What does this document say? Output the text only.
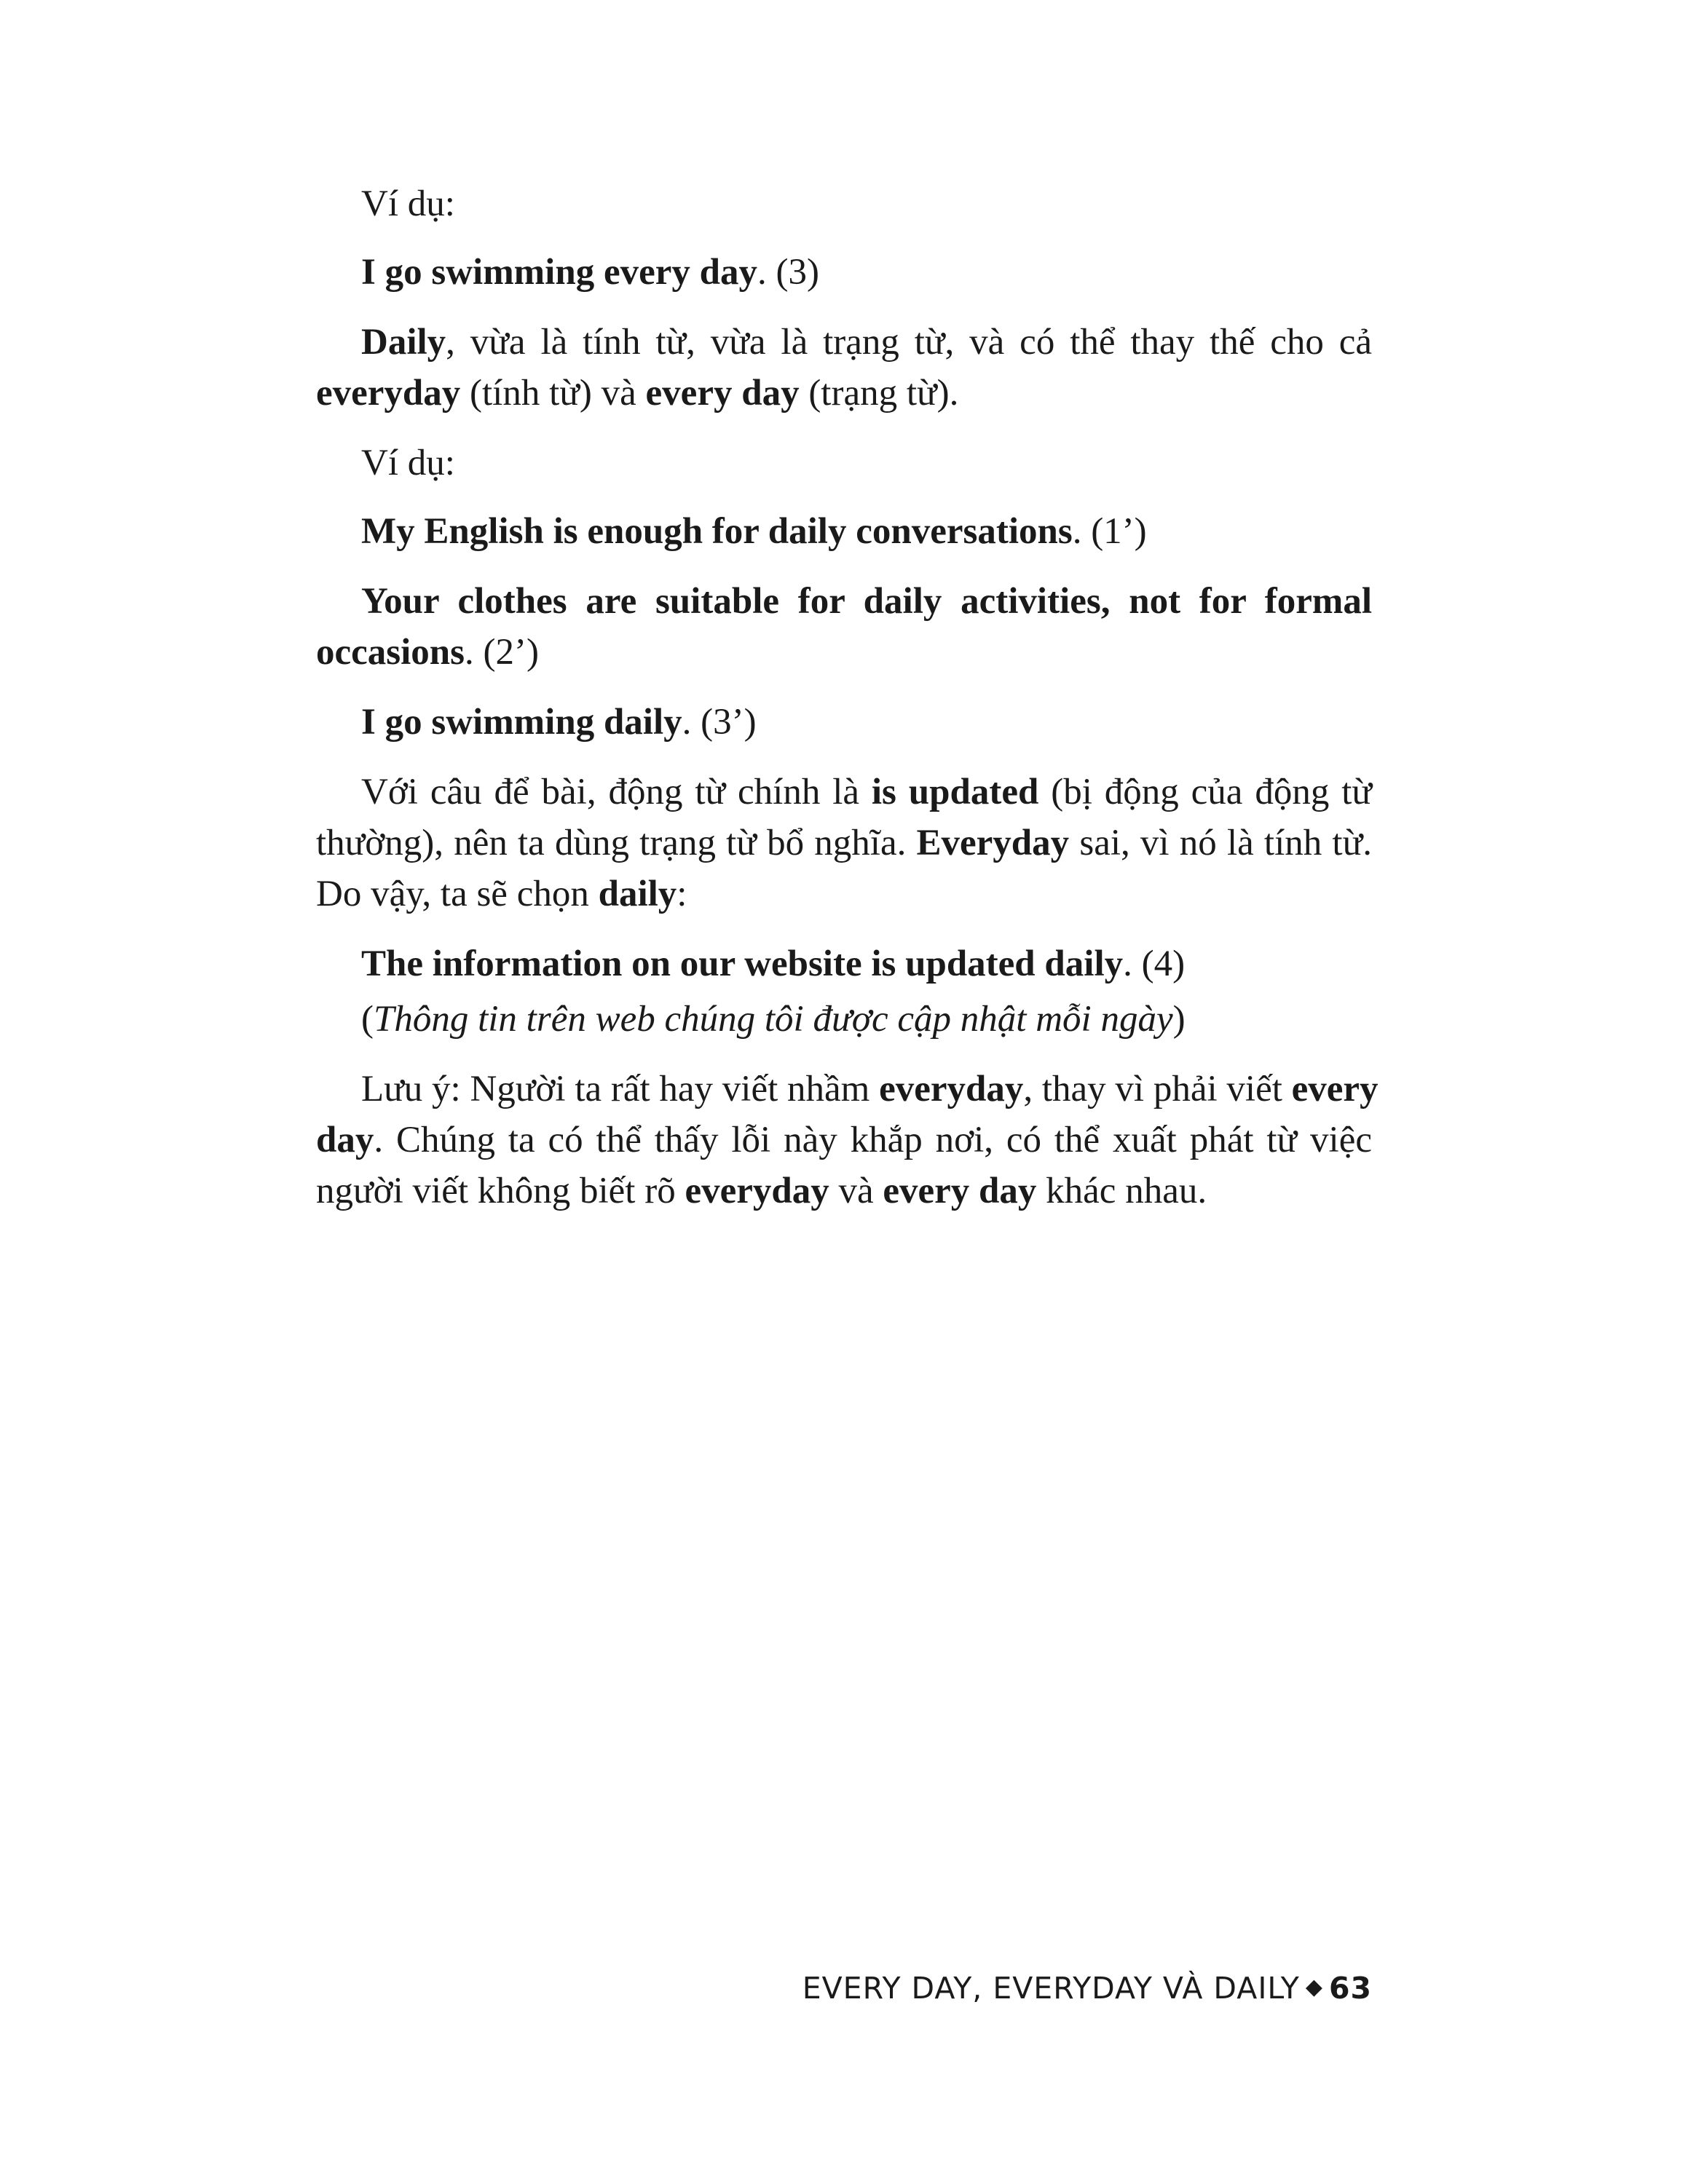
Ví dụ:
I go swimming every day. (3)
Daily, vừa là tính từ, vừa là trạng từ, và có thể thay thế cho cả
everyday (tính từ) và every day (trạng từ).
Ví dụ:
My English is enough for daily conversations. (1’)
Your clothes are suitable for daily activities, not for formal
occasions. (2’)
I go swimming daily. (3’)
Với câu để bài, động từ chính là is updated (bị động của động từ
thường), nên ta dùng trạng từ bổ nghĩa. Everyday sai, vì nó là tính từ.
Do vậy, ta sẽ chọn daily:
The information on our website is updated daily. (4)
(Thông tin trên web chúng tôi được cập nhật mỗi ngày)
Lưu ý: Người ta rất hay viết nhầm everyday, thay vì phải viết every
day. Chúng ta có thể thấy lỗi này khắp nơi, có thể xuất phát từ việc
người viết không biết rõ everyday và every day khác nhau.
EVERY DAY, EVERYDAY VÀ DAILY ◆ 63
